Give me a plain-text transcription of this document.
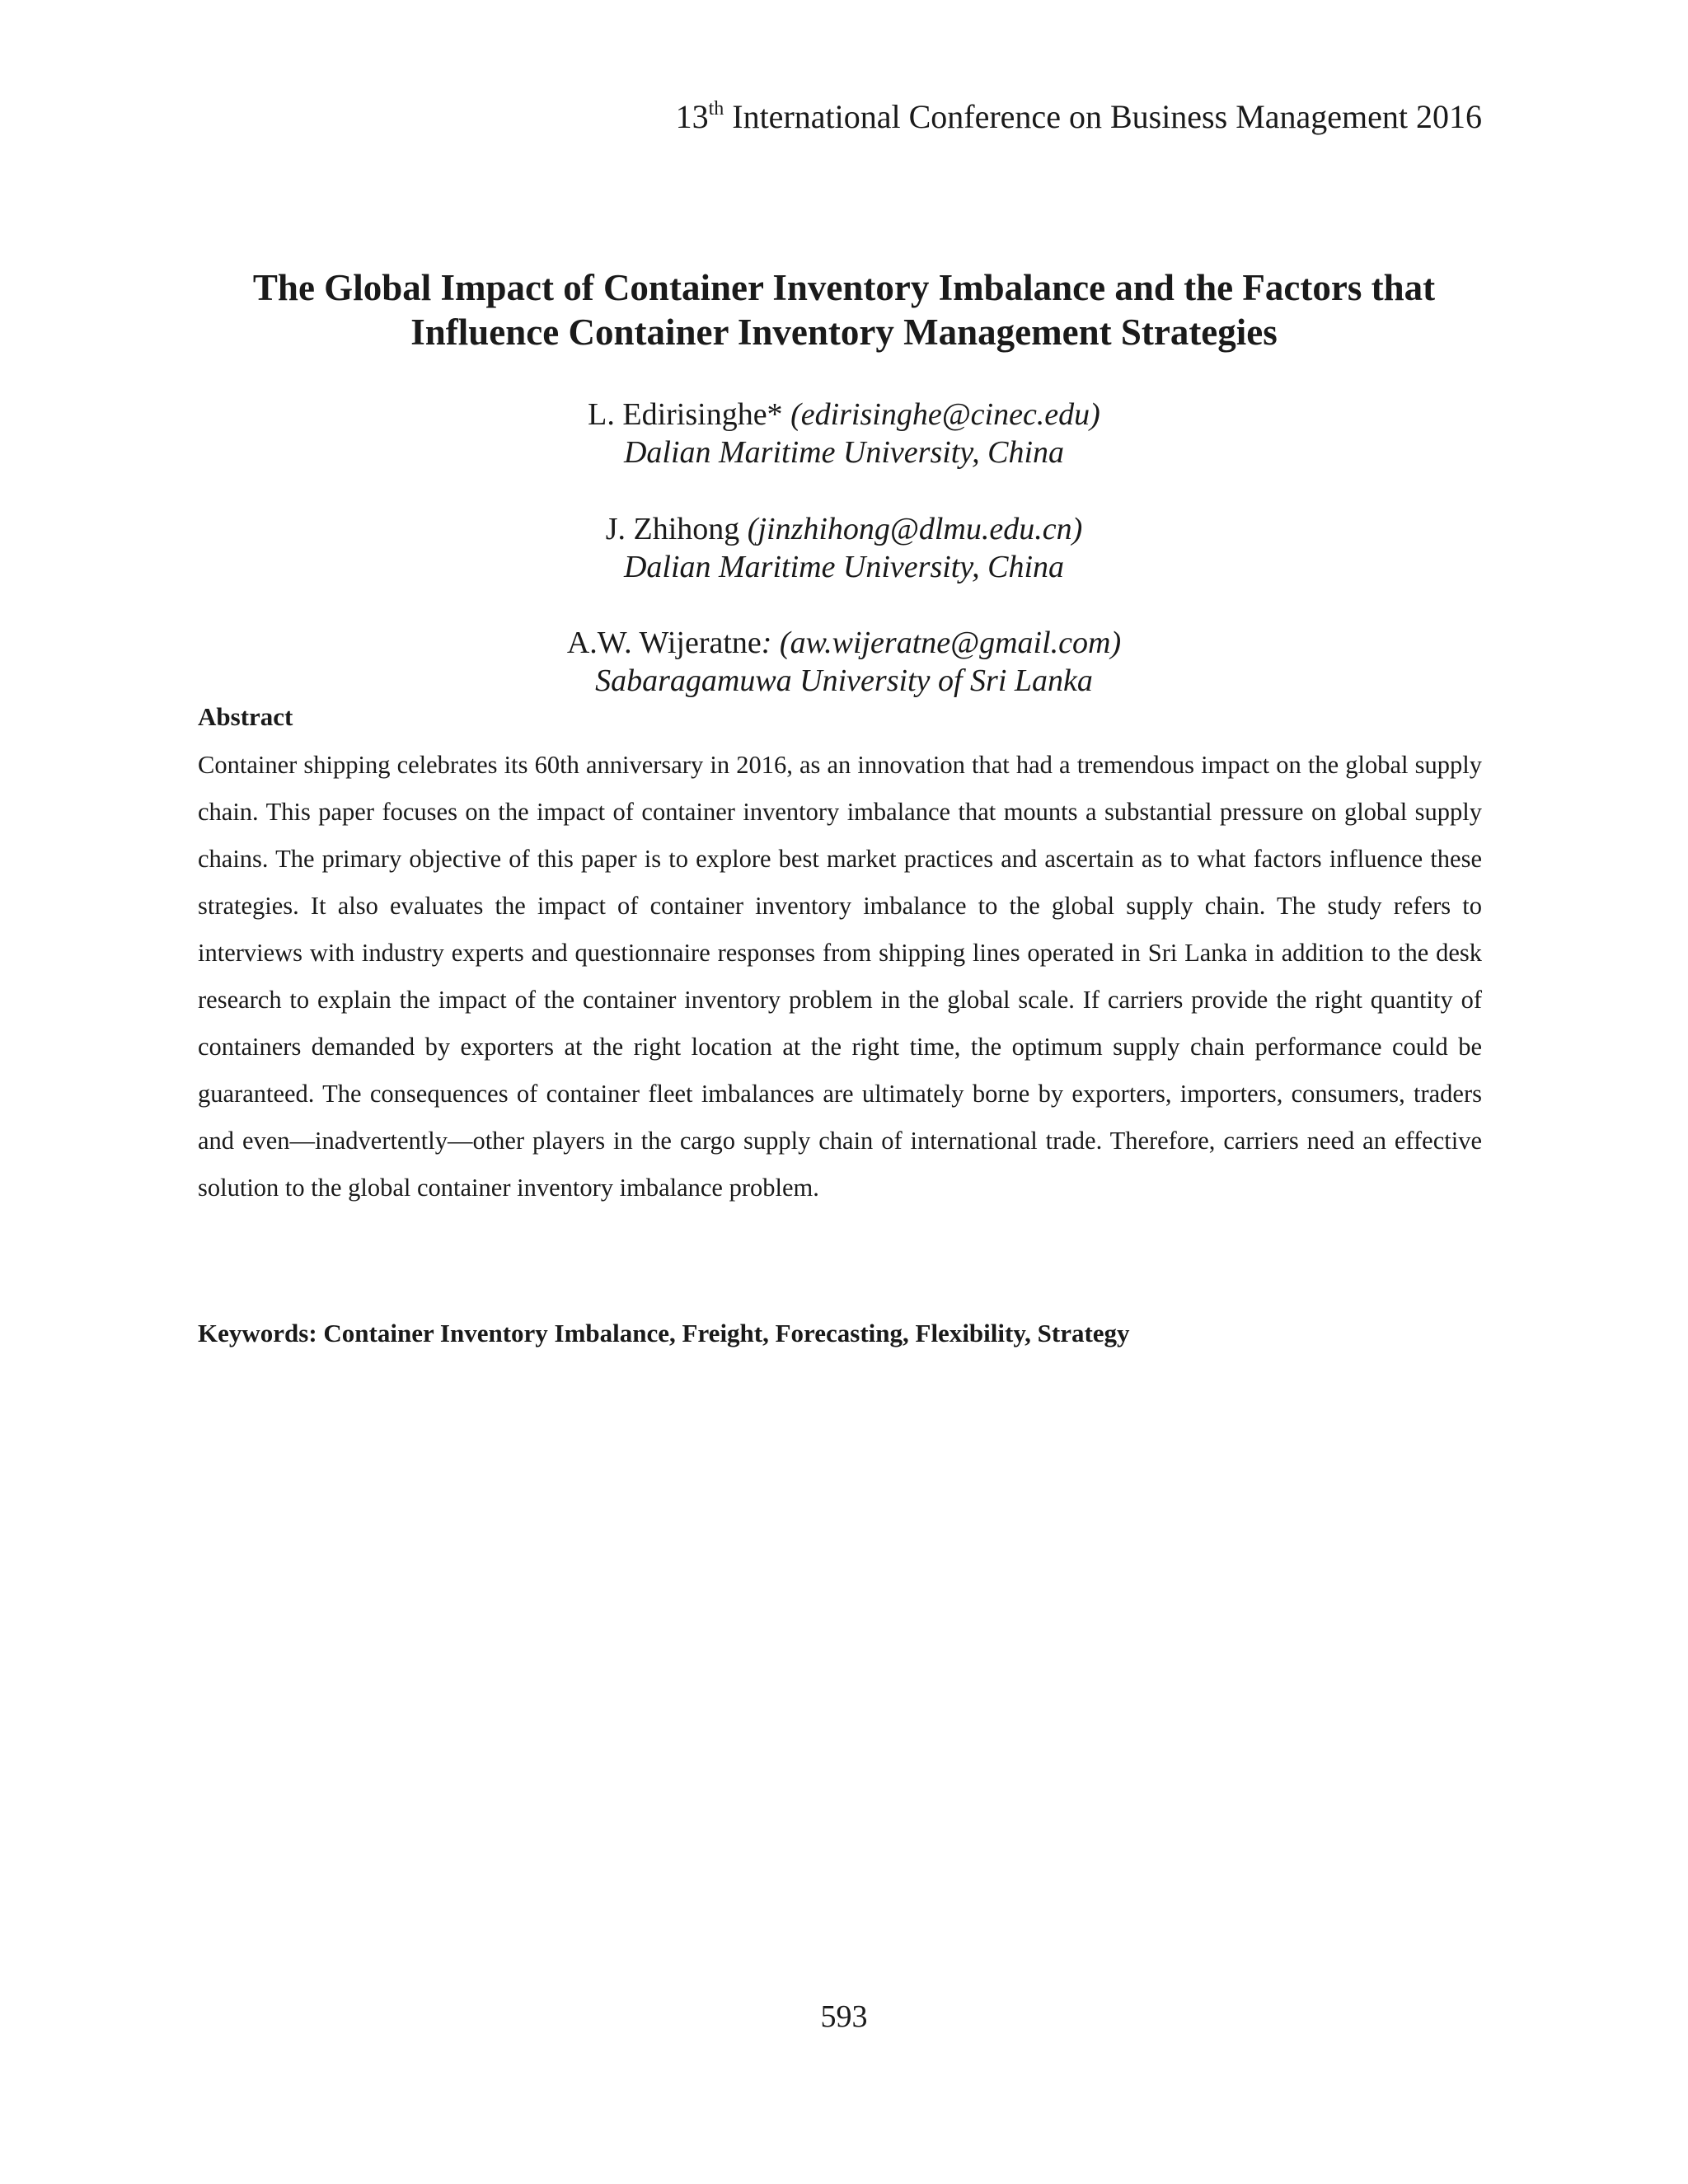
13th International Conference on Business Management 2016
The Global Impact of Container Inventory Imbalance and the Factors that
Influence Container Inventory Management Strategies
L. Edirisinghe* (edirisinghe@cinec.edu)
Dalian Maritime University, China
J. Zhihong (jinzhihong@dlmu.edu.cn)
Dalian Maritime University, China
A.W. Wijeratne: (aw.wijeratne@gmail.com)
Sabaragamuwa University of Sri Lanka
Abstract

Container shipping celebrates its 60th anniversary in 2016, as an innovation that had a tremendous impact on the global supply chain. This paper focuses on the impact of container inventory imbalance that mounts a substantial pressure on global supply chains. The primary objective of this paper is to explore best market practices and ascertain as to what factors influence these strategies. It also evaluates the impact of container inventory imbalance to the global supply chain. The study refers to interviews with industry experts and questionnaire responses from shipping lines operated in Sri Lanka in addition to the desk research to explain the impact of the container inventory problem in the global scale. If carriers provide the right quantity of containers demanded by exporters at the right location at the right time, the optimum supply chain performance could be guaranteed. The consequences of container fleet imbalances are ultimately borne by exporters, importers, consumers, traders and even—inadvertently—other players in the cargo supply chain of international trade. Therefore, carriers need an effective solution to the global container inventory imbalance problem.

Keywords: Container Inventory Imbalance, Freight, Forecasting, Flexibility, Strategy
593
